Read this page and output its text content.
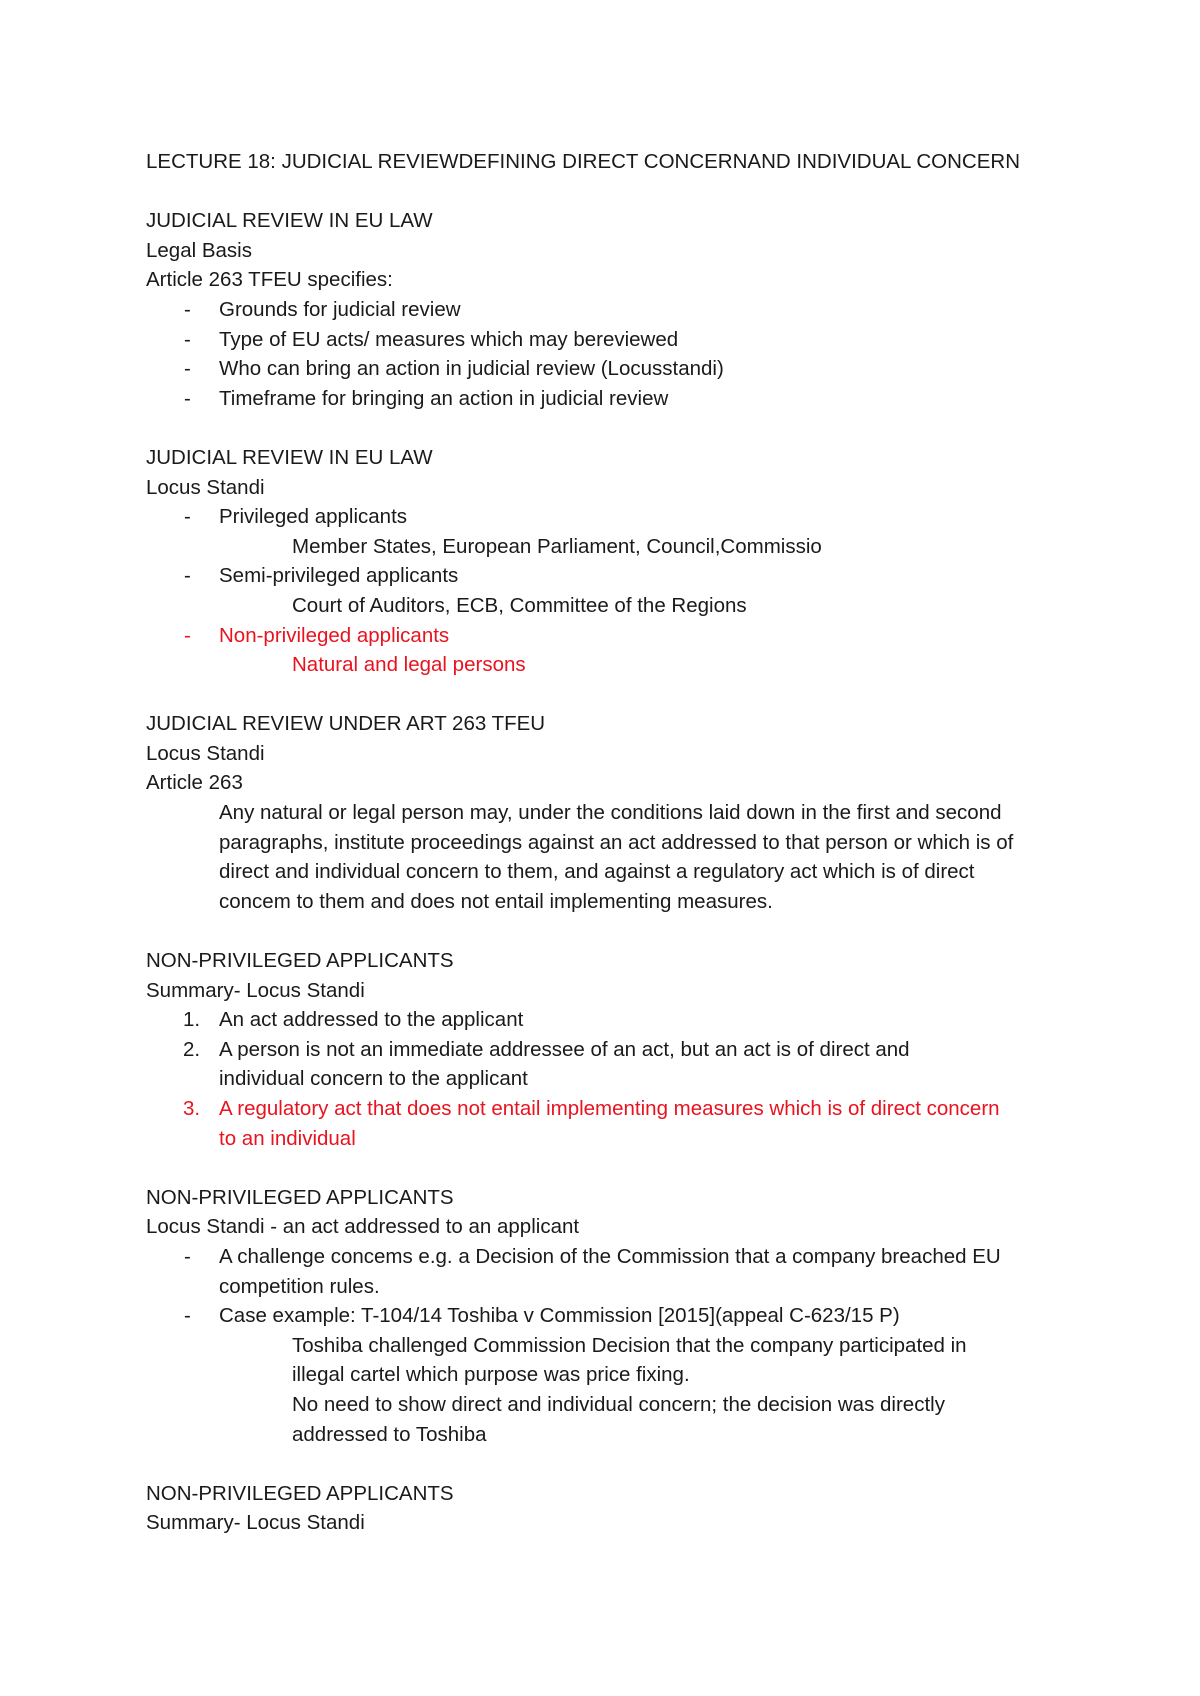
LECTURE 18: JUDICIAL REVIEWDEFINING DIRECT CONCERNAND INDIVIDUAL CONCERN
JUDICIAL REVIEW IN EU LAW
Legal Basis
Article 263 TFEU specifies:
- Grounds for judicial review
- Type of EU acts/ measures which may bereviewed
- Who can bring an action in judicial review (Locusstandi)
- Timeframe for bringing an action in judicial review
JUDICIAL REVIEW IN EU LAW
Locus Standi
- Privileged applicants
Member States, European Parliament, Council,Commissio
- Semi-privileged applicants
Court of Auditors, ECB, Committee of the Regions
- Non-privileged applicants
Natural and legal persons
JUDICIAL REVIEW UNDER ART 263 TFEU
Locus Standi
Article 263
Any natural or legal person may, under the conditions laid down in the first and second paragraphs, institute proceedings against an act addressed to that person or which is of direct and individual concern to them, and against a regulatory act which is of direct concem to them and does not entail implementing measures.
NON-PRIVILEGED APPLICANTS
Summary- Locus Standi
1. An act addressed to the applicant
2. A person is not an immediate addressee of an act, but an act is of direct and individual concern to the applicant
3. A regulatory act that does not entail implementing measures which is of direct concern to an individual
NON-PRIVILEGED APPLICANTS
Locus Standi - an act addressed to an applicant
- A challenge concems e.g. a Decision of the Commission that a company breached EU competition rules.
- Case example: T-104/14 Toshiba v Commission [2015](appeal C-623/15 P)
Toshiba challenged Commission Decision that the company participated in illegal cartel which purpose was price fixing.
No need to show direct and individual concern; the decision was directly addressed to Toshiba
NON-PRIVILEGED APPLICANTS
Summary- Locus Standi
